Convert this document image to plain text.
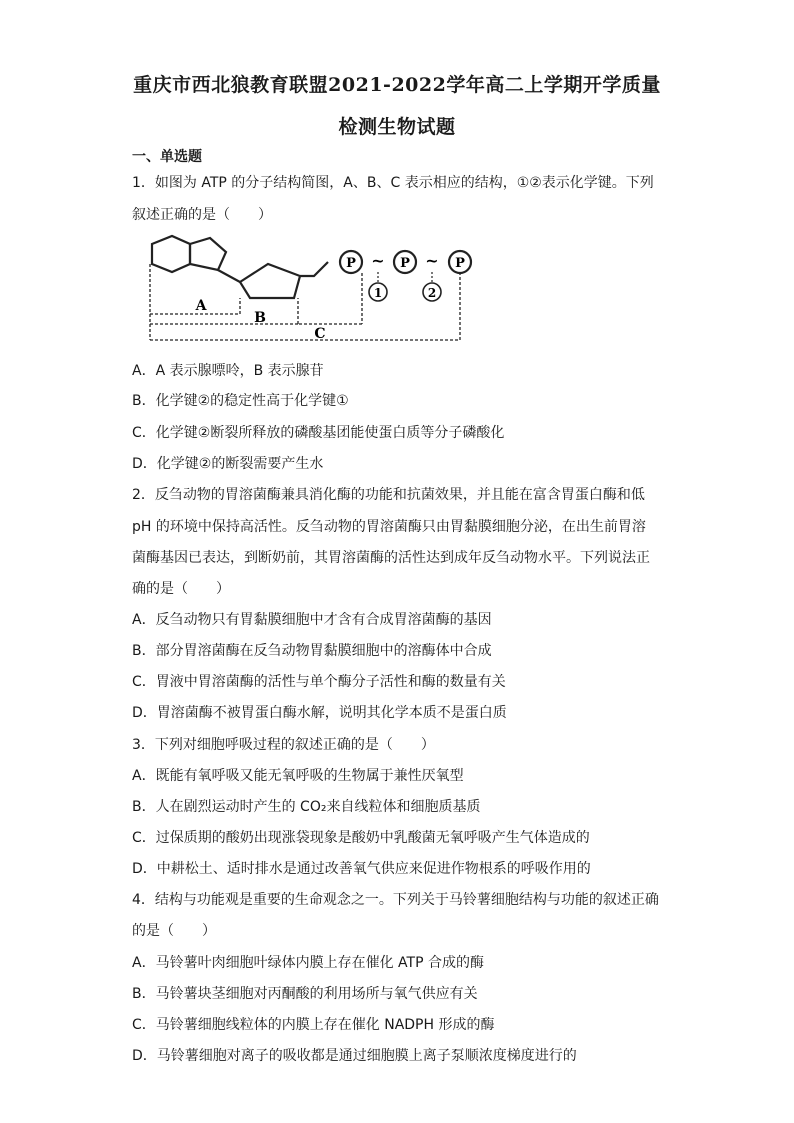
重庆市西北狼教育联盟2021-2022学年高二上学期开学质量
检测生物试题
一、单选题
1．如图为 ATP 的分子结构简图，A、B、C 表示相应的结构，①②表示化学键。下列
叙述正确的是（　　）
P	P	P
~	~
1	2
A
B
C
A．A 表示腺嘌呤，B 表示腺苷
B．化学键②的稳定性高于化学键①
C．化学键②断裂所释放的磷酸基团能使蛋白质等分子磷酸化
D．化学键②的断裂需要产生水
2．反刍动物的胃溶菌酶兼具消化酶的功能和抗菌效果，并且能在富含胃蛋白酶和低
pH 的环境中保持高活性。反刍动物的胃溶菌酶只由胃黏膜细胞分泌，在出生前胃溶
菌酶基因已表达，到断奶前，其胃溶菌酶的活性达到成年反刍动物水平。下列说法正
确的是（　　）
A．反刍动物只有胃黏膜细胞中才含有合成胃溶菌酶的基因
B．部分胃溶菌酶在反刍动物胃黏膜细胞中的溶酶体中合成
C．胃液中胃溶菌酶的活性与单个酶分子活性和酶的数量有关
D．胃溶菌酶不被胃蛋白酶水解，说明其化学本质不是蛋白质
3．下列对细胞呼吸过程的叙述正确的是（　　）
A．既能有氧呼吸又能无氧呼吸的生物属于兼性厌氧型
B．人在剧烈运动时产生的 CO₂来自线粒体和细胞质基质
C．过保质期的酸奶出现涨袋现象是酸奶中乳酸菌无氧呼吸产生气体造成的
D．中耕松土、适时排水是通过改善氧气供应来促进作物根系的呼吸作用的
4．结构与功能观是重要的生命观念之一。下列关于马铃薯细胞结构与功能的叙述正确
的是（　　）
A．马铃薯叶肉细胞叶绿体内膜上存在催化 ATP 合成的酶
B．马铃薯块茎细胞对丙酮酸的利用场所与氧气供应有关
C．马铃薯细胞线粒体的内膜上存在催化 NADPH 形成的酶
D．马铃薯细胞对离子的吸收都是通过细胞膜上离子泵顺浓度梯度进行的
